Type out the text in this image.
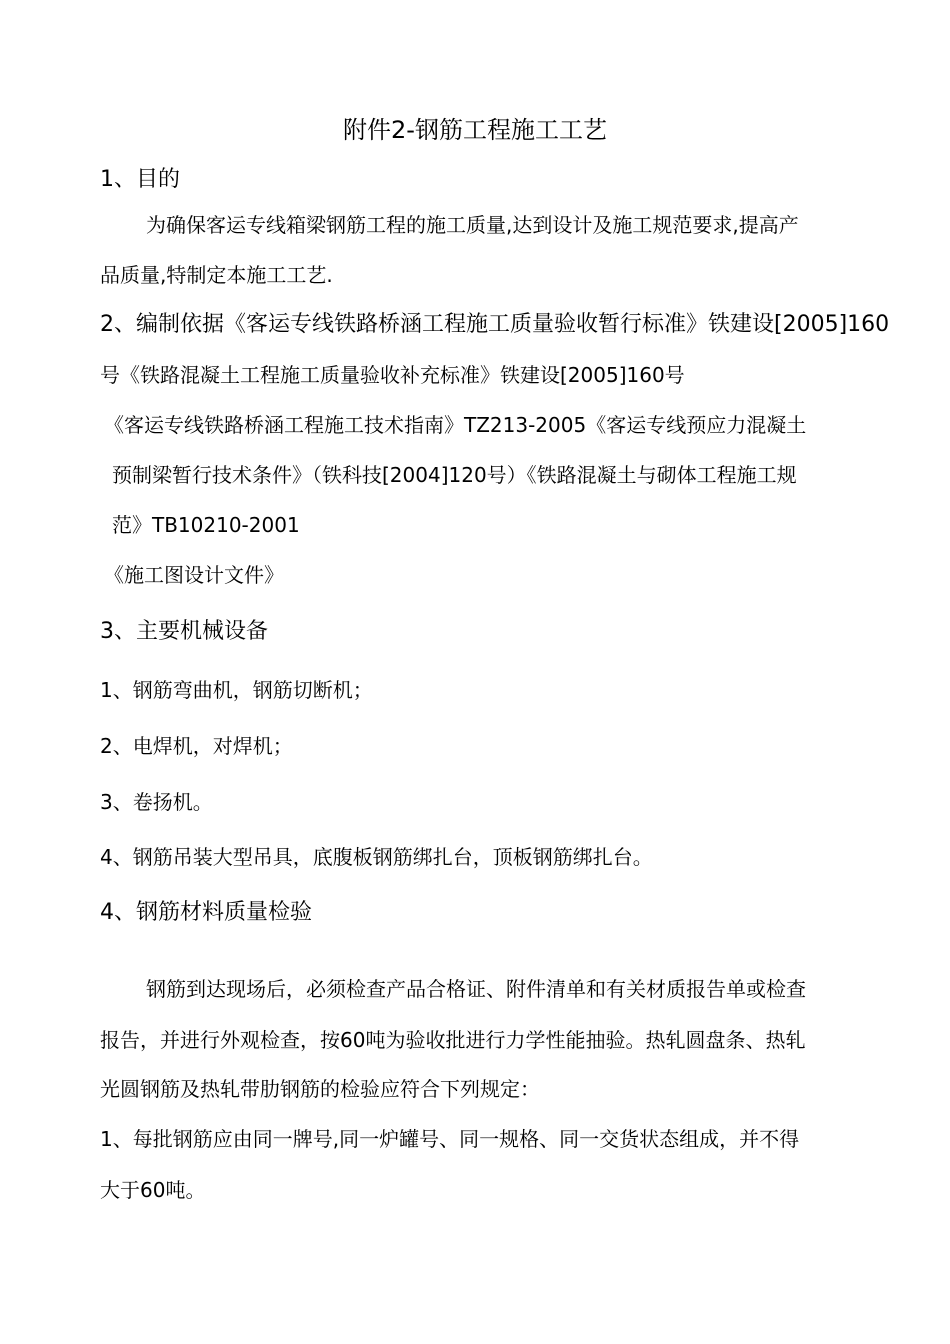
附件2-钢筋工程施工工艺
1、目的
为确保客运专线箱梁钢筋工程的施工质量,达到设计及施工规范要求,提高产
品质量,特制定本施工工艺.
2、编制依据《客运专线铁路桥涵工程施工质量验收暂行标准》铁建设[2005]160
号《铁路混凝土工程施工质量验收补充标准》铁建设[2005]160号
《客运专线铁路桥涵工程施工技术指南》TZ213-2005《客运专线预应力混凝土
预制梁暂行技术条件》（铁科技[2004]120号）《铁路混凝土与砌体工程施工规
范》TB10210-2001
《施工图设计文件》
3、主要机械设备
1、钢筋弯曲机，钢筋切断机；
2、电焊机，对焊机；
3、卷扬机。
4、钢筋吊装大型吊具，底腹板钢筋绑扎台，顶板钢筋绑扎台。
4、钢筋材料质量检验
钢筋到达现场后，必须检查产品合格证、附件清单和有关材质报告单或检查
报告，并进行外观检查，按60吨为验收批进行力学性能抽验。热轧圆盘条、热轧
光圆钢筋及热轧带肋钢筋的检验应符合下列规定：
1、每批钢筋应由同一牌号,同一炉罐号、同一规格、同一交货状态组成，并不得
大于60吨。
